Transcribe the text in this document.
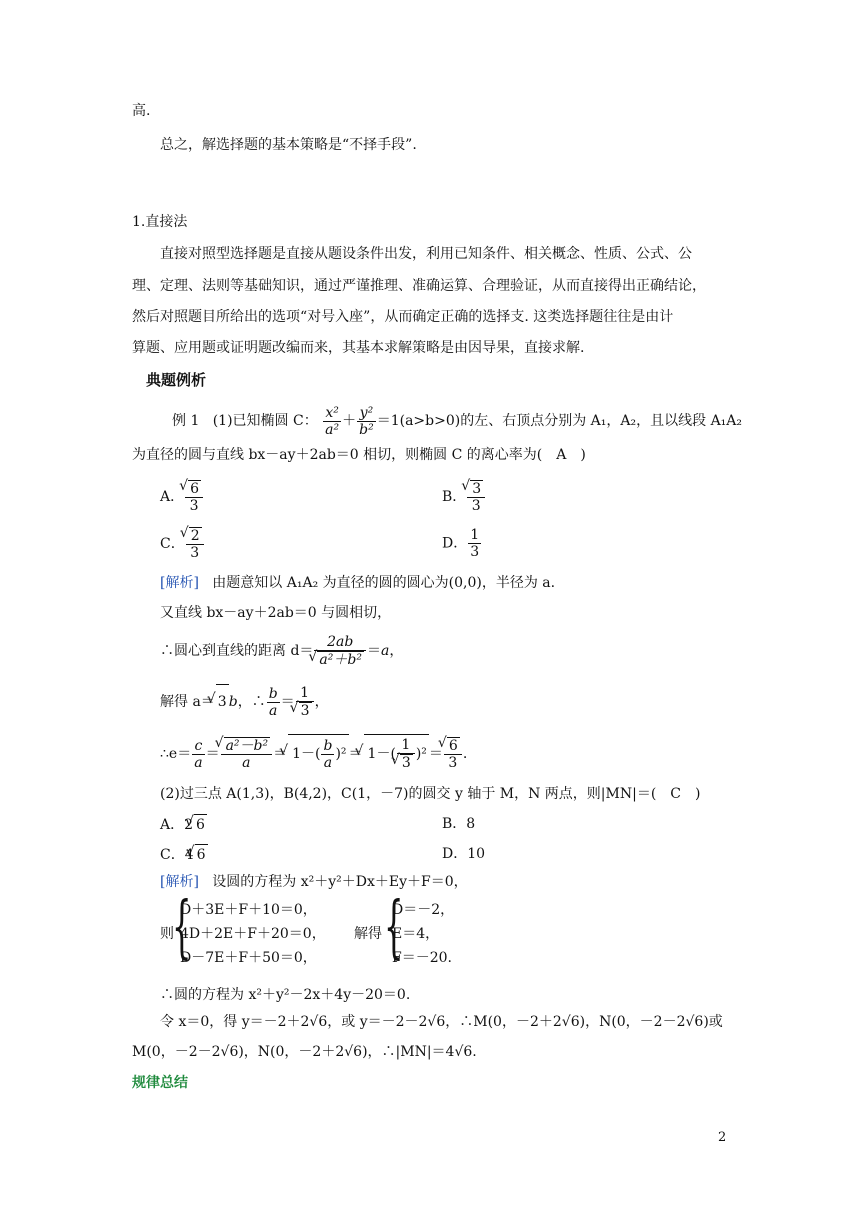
高.
总之，解选择题的基本策略是“不择手段”.
1.直接法
直接对照型选择题是直接从题设条件出发，利用已知条件、相关概念、性质、公式、公
理、定理、法则等基础知识，通过严谨推理、准确运算、合理验证，从而直接得出正确结论，
然后对照题目所给出的选项“对号入座”，从而确定正确的选择支. 这类选择题往往是由计
算题、应用题或证明题改编而来，其基本求解策略是由因导果，直接求解.
典题例析
例 1 (1)已知椭圆 C： $\frac{\text{x²}}{\text{a²}} + \frac{\text{y²}}{\text{b²}} =1(a>b>0)$的左、右顶点分别为 A₁，A₂，且以线段 A₁A₂
为直径的圆与直线 bx－ay＋2ab＝0 相切，则椭圆 C 的离心率为(　A　)
A． √ $\frac{6}{3}$	B． √ $\frac{3}{3}$
C． √ $\frac{2}{3}$	D． $\frac{1}{3}$
[解析] 由题意知以 A₁A₂ 为直径的圆的圆心为(0,0)，半径为 a.
又直线 bx－ay＋2ab＝0 与圆相切，
∴圆心到直线的距离 d＝ 2ab
√ a²＋b² ＝a，
解得 a＝ √ 3 b，∴ $\frac{b}{a} = 1$
√ 3 ，
∴e＝ $\frac{c}{a}$ ＝ √ $\frac{\text{a²－b²}}{a}$ ＝ √ $1-( \frac{b}{a} )^2$ ＝ √ 1－( 1
√ 3 )² ＝ √ $\frac{6}{3}$ .
(2)过三点 A(1,3)，B(4,2)，C(1，－7)的圆交 y 轴于 M，N 两点，则|MN|＝(　C　)
A．2 √ 6	B．8
C．4 √ 6	D．10
[解析] 设圆的方程为 x²＋y²＋Dx＋Ey＋F＝0，
则
{
D＋3E＋F＋10＝0，
4D＋2E＋F＋20＝0，
D－7E＋F＋50＝0，
解得 {
D＝－2，
E＝4，
F＝－20.
∴圆的方程为 x²＋y²－2x＋4y－20＝0.
令 x＝0，得 y＝－2＋2√6，或 y＝－2－2√6，∴M(0，－2＋2√6)，N(0，－2－2√6)或
M(0，－2－2√6)，N(0，－2＋2√6)，∴|MN|＝4√6.
规律总结
2
